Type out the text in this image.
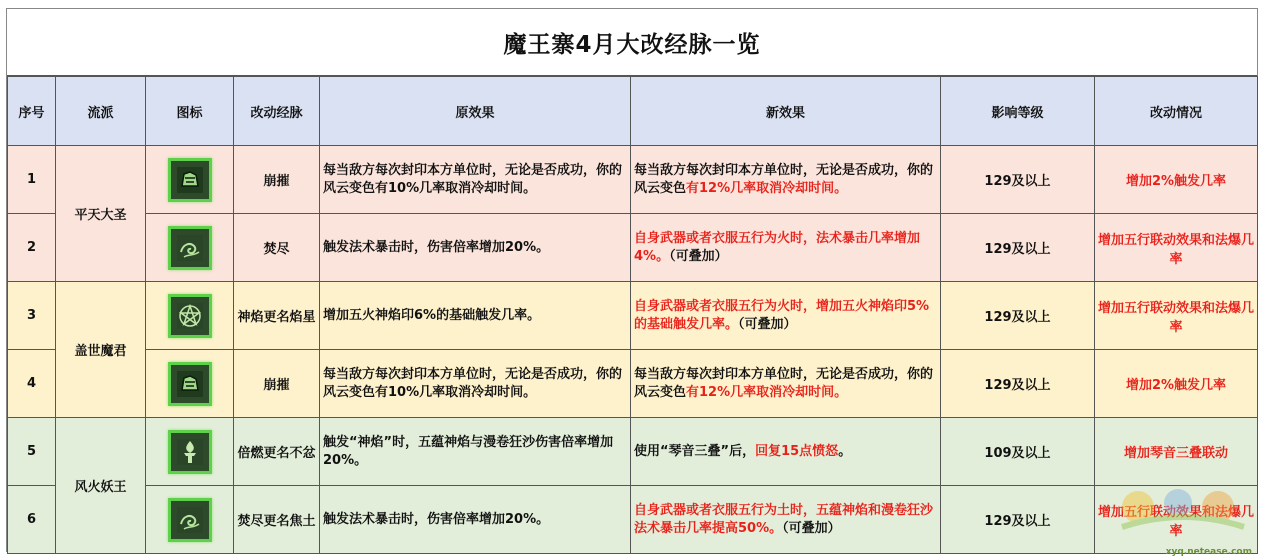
魔王寨4月大改经脉一览
序号	流派	图标	改动经脉	原效果	新效果	影响等级	改动情况
1	平天大圣		崩摧	每当敌方每次封印本方单位时，无论是否成功，你的风云变色有10%几率取消冷却时间。	每当敌方每次封印本方单位时，无论是否成功，你的风云变色有12%几率取消冷却时间。	129及以上	增加2%触发几率
2			焚尽	触发法术暴击时，伤害倍率增加20%。	自身武器或者衣服五行为火时，法术暴击几率增加4%。（可叠加）	129及以上	增加五行联动效果和法爆几率
3	盖世魔君		神焰更名焰星	增加五火神焰印6%的基础触发几率。	自身武器或者衣服五行为火时，增加五火神焰印5%的基础触发几率。（可叠加）	129及以上	增加五行联动效果和法爆几率
4			崩摧	每当敌方每次封印本方单位时，无论是否成功，你的风云变色有10%几率取消冷却时间。	每当敌方每次封印本方单位时，无论是否成功，你的风云变色有12%几率取消冷却时间。	129及以上	增加2%触发几率
5	风火妖王		倍燃更名不忿	触发“神焰”时，五蕴神焰与漫卷狂沙伤害倍率增加20%。	使用“琴音三叠”后，回复15点愤怒。	109及以上	增加琴音三叠联动
6			焚尽更名焦土	触发法术暴击时，伤害倍率增加20%。	自身武器或者衣服五行为土时，五蕴神焰和漫卷狂沙法术暴击几率提高50%。（可叠加）	129及以上	增加五行联动效果和法爆几率
xyq.netease.com
